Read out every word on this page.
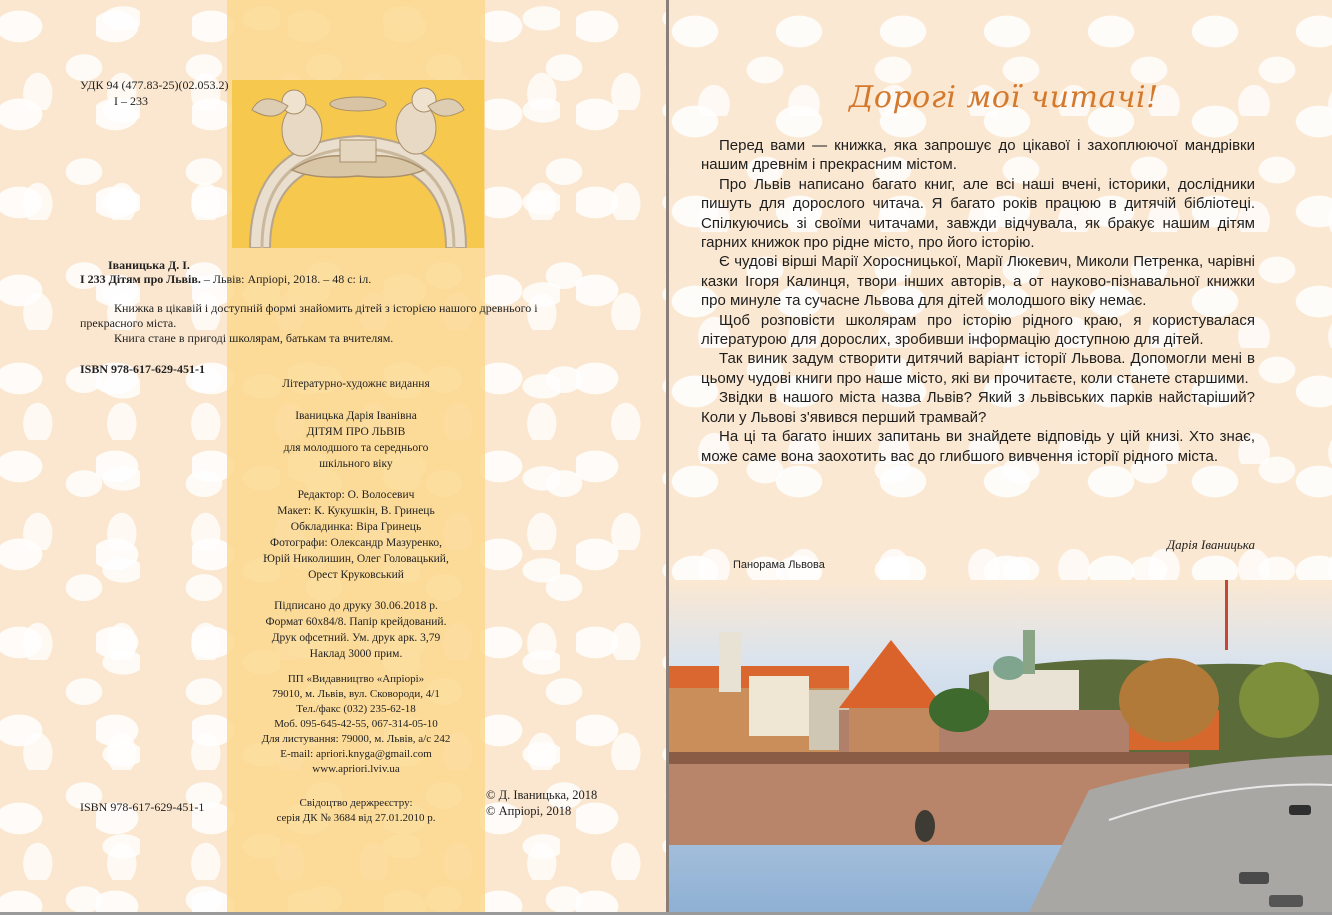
УДК 94 (477.83-25)(02.053.2)

І – 233

Іваницька Д. І.

І 233 Дітям про Львів. – Львів: Апріорі, 2018. – 48 с: іл.

Книжка в цікавій і доступній формі знайомить дітей з історією нашого древнього і прекрасного міста.

Книга стане в пригоді школярам, батькам та вчителям.

ISBN 978-617-629-451-1

Літературно-художнє видання

Іваницька Дарія Іванівна

ДІТЯМ ПРО ЛЬВІВ

для молодшого та середнього

шкільного віку

Редактор: О. Волосевич
Макет: К. Кукушкін, В. Гринець
Обкладинка: Віра Гринець
Фотографи: Олександр Мазуренко,
Юрій Николишин, Олег Головацький,
Орест Круковський
Підписано до друку 30.06.2018 р.
Формат 60x84/8. Папір крейдований.
Друк офсетний. Ум. друк арк. 3,79
Наклад 3000 прим.
ПП «Видавництво «Апріорі»
79010, м. Львів, вул. Сковороди, 4/1
Тел./факс (032) 235-62-18
Моб. 095-645-42-55, 067-314-05-10
Для листування: 79000, м. Львів, а/с 242
E-mail: apriori.knyga@gmail.com
www.apriori.lviv.ua

ISBN 978-617-629-451-1	Свідоцтво держреєстру:
серія ДК № 3684 від 27.01.2010 р.
© Д. Іваницька, 2018
© Апріорі, 2018
Дорогі мої читачі!

Перед вами — книжка, яка запрошує до цікавої і захоплюючої мандрівки нашим древнім і прекрасним містом.

Про Львів написано багато книг, але всі наші вчені, історики, дослідники пишуть для дорослого читача. Я багато років працюю в дитячій бібліотеці. Спілкуючись зі своїми читачами, завжди відчувала, як бракує нашим дітям гарних книжок про рідне місто, про його історію.

Є чудові вірші Марії Хоросницької, Марії Люкевич, Миколи Петренка, чарівні казки Ігоря Калинця, твори інших авторів, а от науково-пізнавальної книжки про минуле та сучасне Львова для дітей молодшого віку немає.

Щоб розповісти школярам про історію рідного краю, я користувалася літературою для дорослих, зробивши інформацію доступною для дітей.

Так виник задум створити дитячий варіант історії Львова. Допомогли мені в цьому чудові книги про наше місто, які ви прочитаєте, коли станете старшими.

Звідки в нашого міста назва Львів? Який з львівських парків найстаріший? Коли у Львові з'явився перший трамвай?

На ці та багато інших запитань ви знайдете відповідь у цій книзі. Хто знає, може саме вона заохотить вас до глибшого вивчення історії рідного міста.

Дарія Іваницька
Панорама Львова
